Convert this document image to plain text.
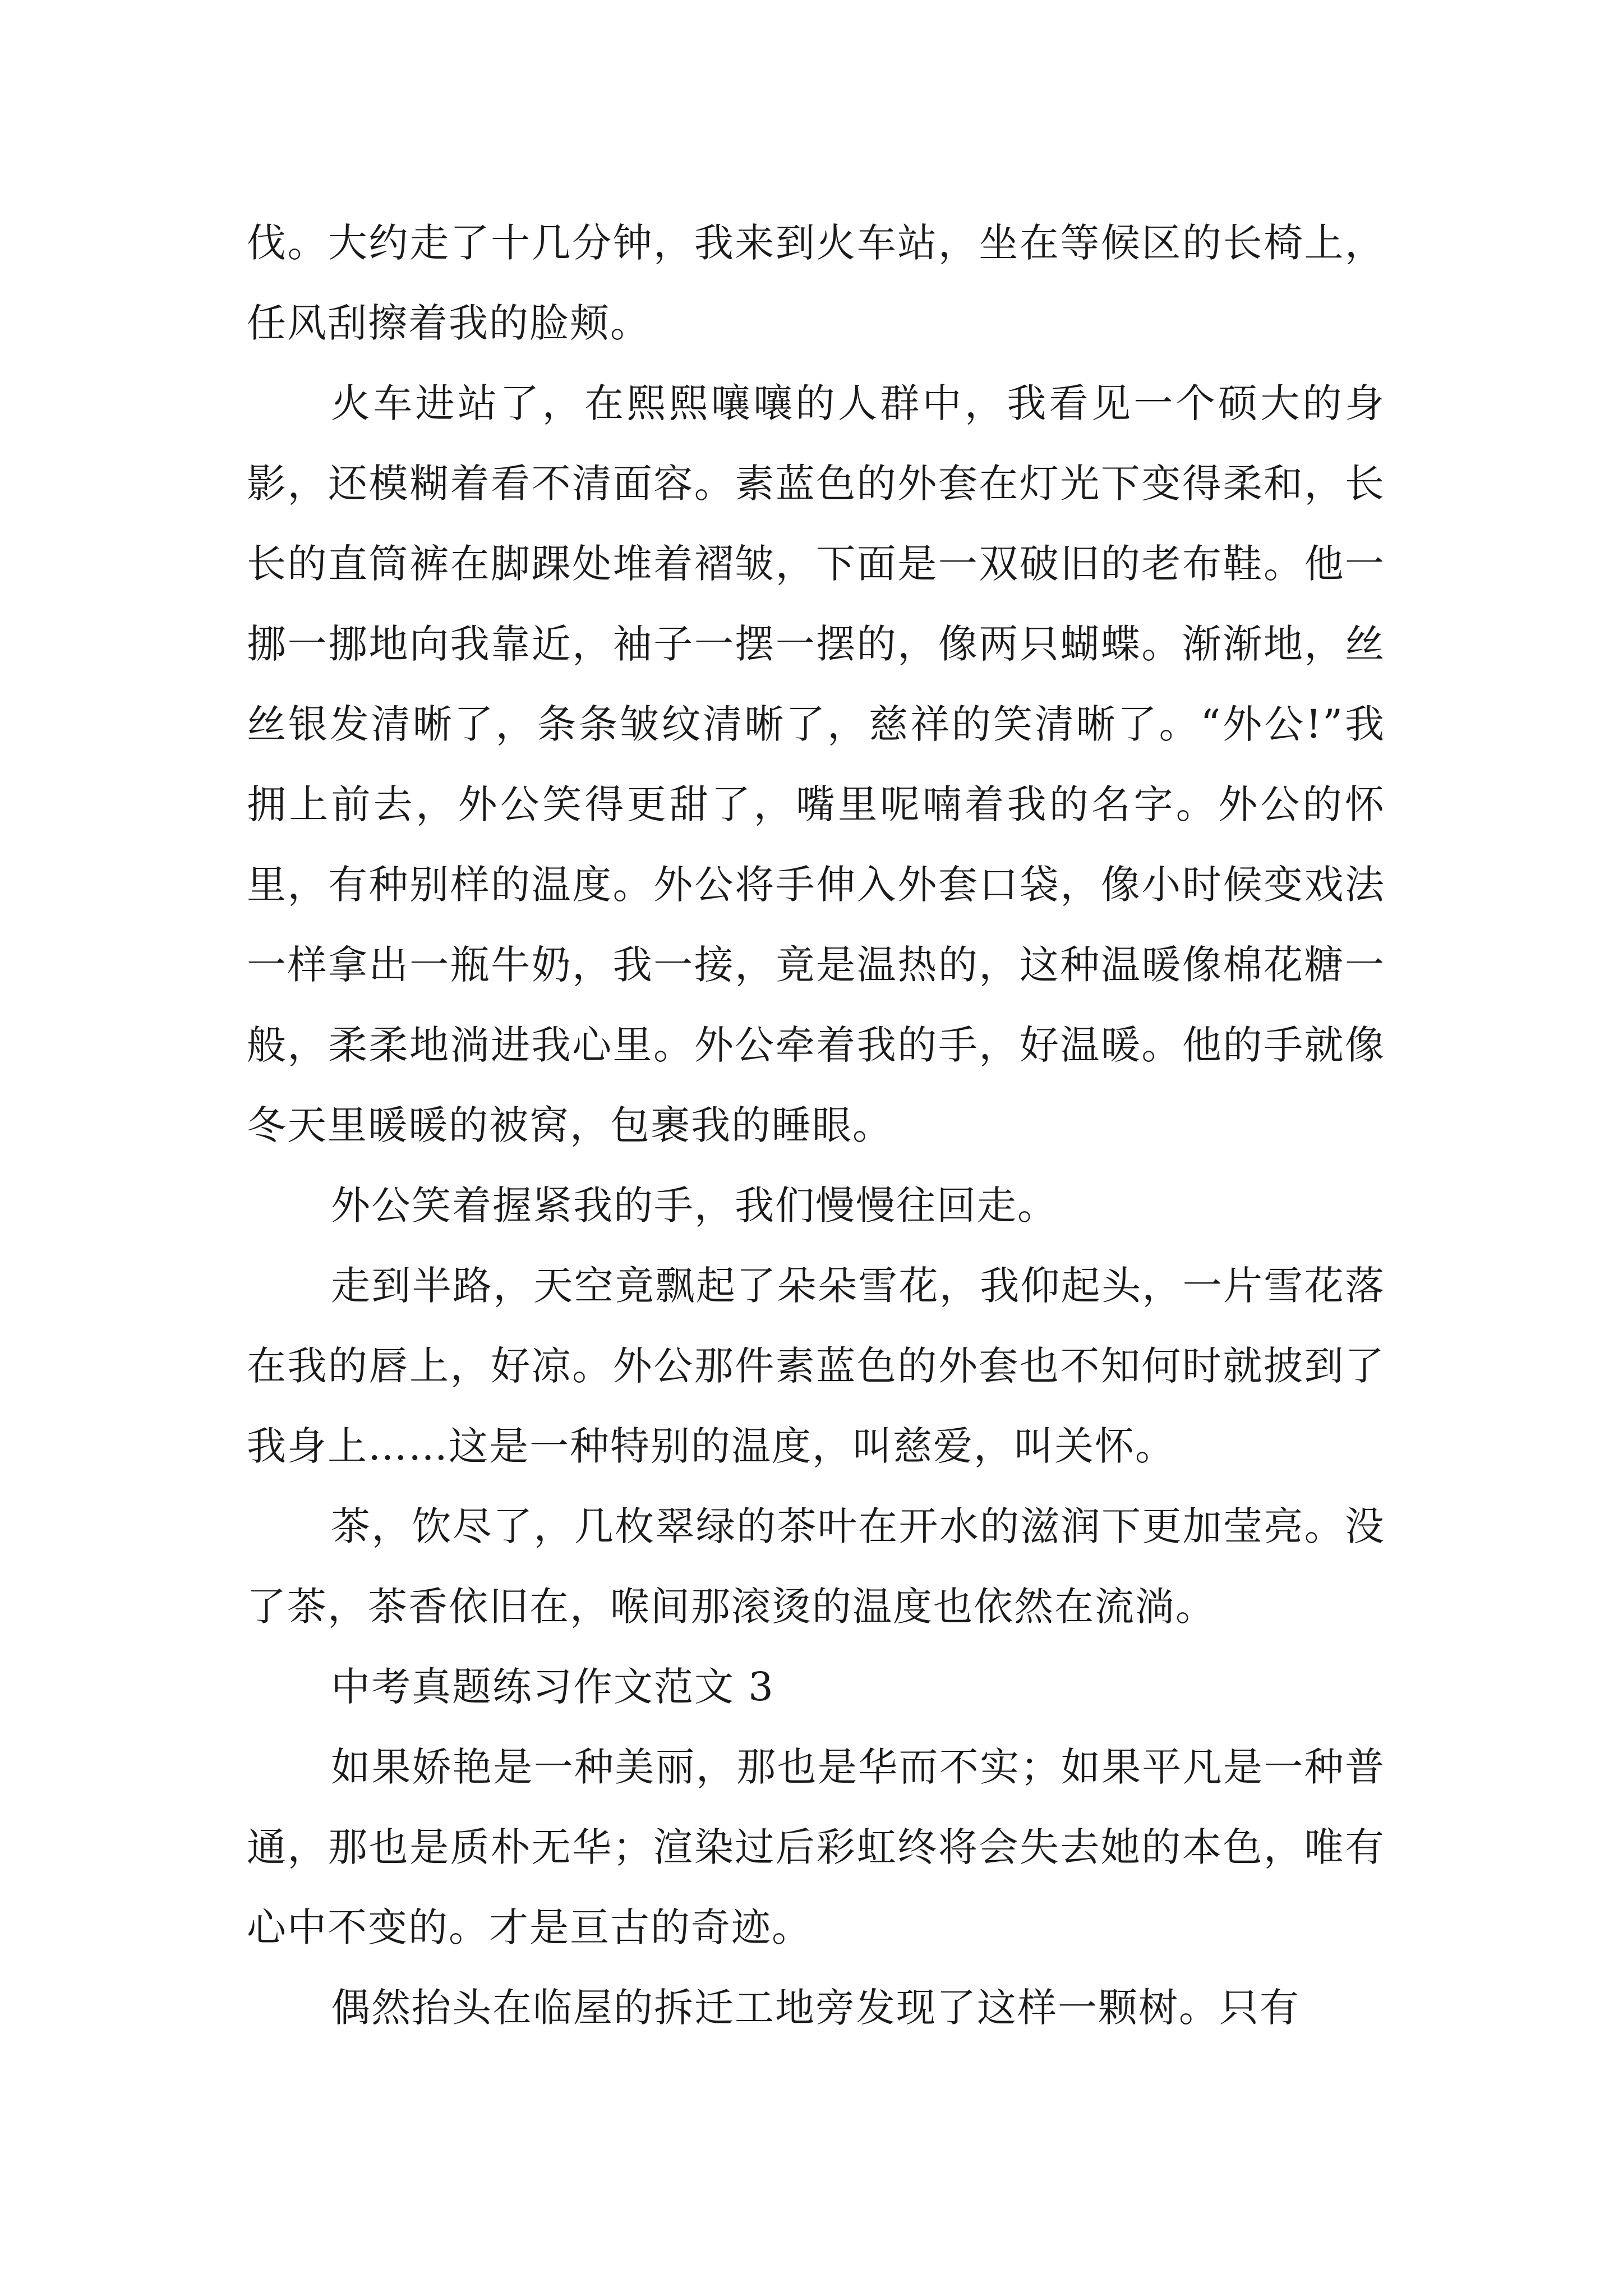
伐。大约走了十几分钟，我来到火车站，坐在等候区的长椅上，任风刮擦着我的脸颊。

火车进站了，在熙熙嚷嚷的人群中，我看见一个硕大的身影，还模糊着看不清面容。素蓝色的外套在灯光下变得柔和，长长的直筒裤在脚踝处堆着褶皱，下面是一双破旧的老布鞋。他一挪一挪地向我靠近，袖子一摆一摆的，像两只蝴蝶。渐渐地，丝丝银发清晰了，条条皱纹清晰了，慈祥的笑清晰了。“外公!”我拥上前去，外公笑得更甜了，嘴里呢喃着我的名字。外公的怀里，有种别样的温度。外公将手伸入外套口袋，像小时候变戏法一样拿出一瓶牛奶，我一接，竟是温热的，这种温暖像棉花糖一般，柔柔地淌进我心里。外公牵着我的手，好温暖。他的手就像冬天里暖暖的被窝，包裹我的睡眼。

外公笑着握紧我的手，我们慢慢往回走。

走到半路，天空竟飘起了朵朵雪花，我仰起头，一片雪花落在我的唇上，好凉。外公那件素蓝色的外套也不知何时就披到了我身上……这是一种特别的温度，叫慈爱，叫关怀。

茶，饮尽了，几枚翠绿的茶叶在开水的滋润下更加莹亮。没了茶，茶香依旧在，喉间那滚烫的温度也依然在流淌。

中考真题练习作文范文 3

如果娇艳是一种美丽，那也是华而不实；如果平凡是一种普通，那也是质朴无华；渲染过后彩虹终将会失去她的本色，唯有心中不变的。才是亘古的奇迹。

偶然抬头在临屋的拆迁工地旁发现了这样一颗树。只有
